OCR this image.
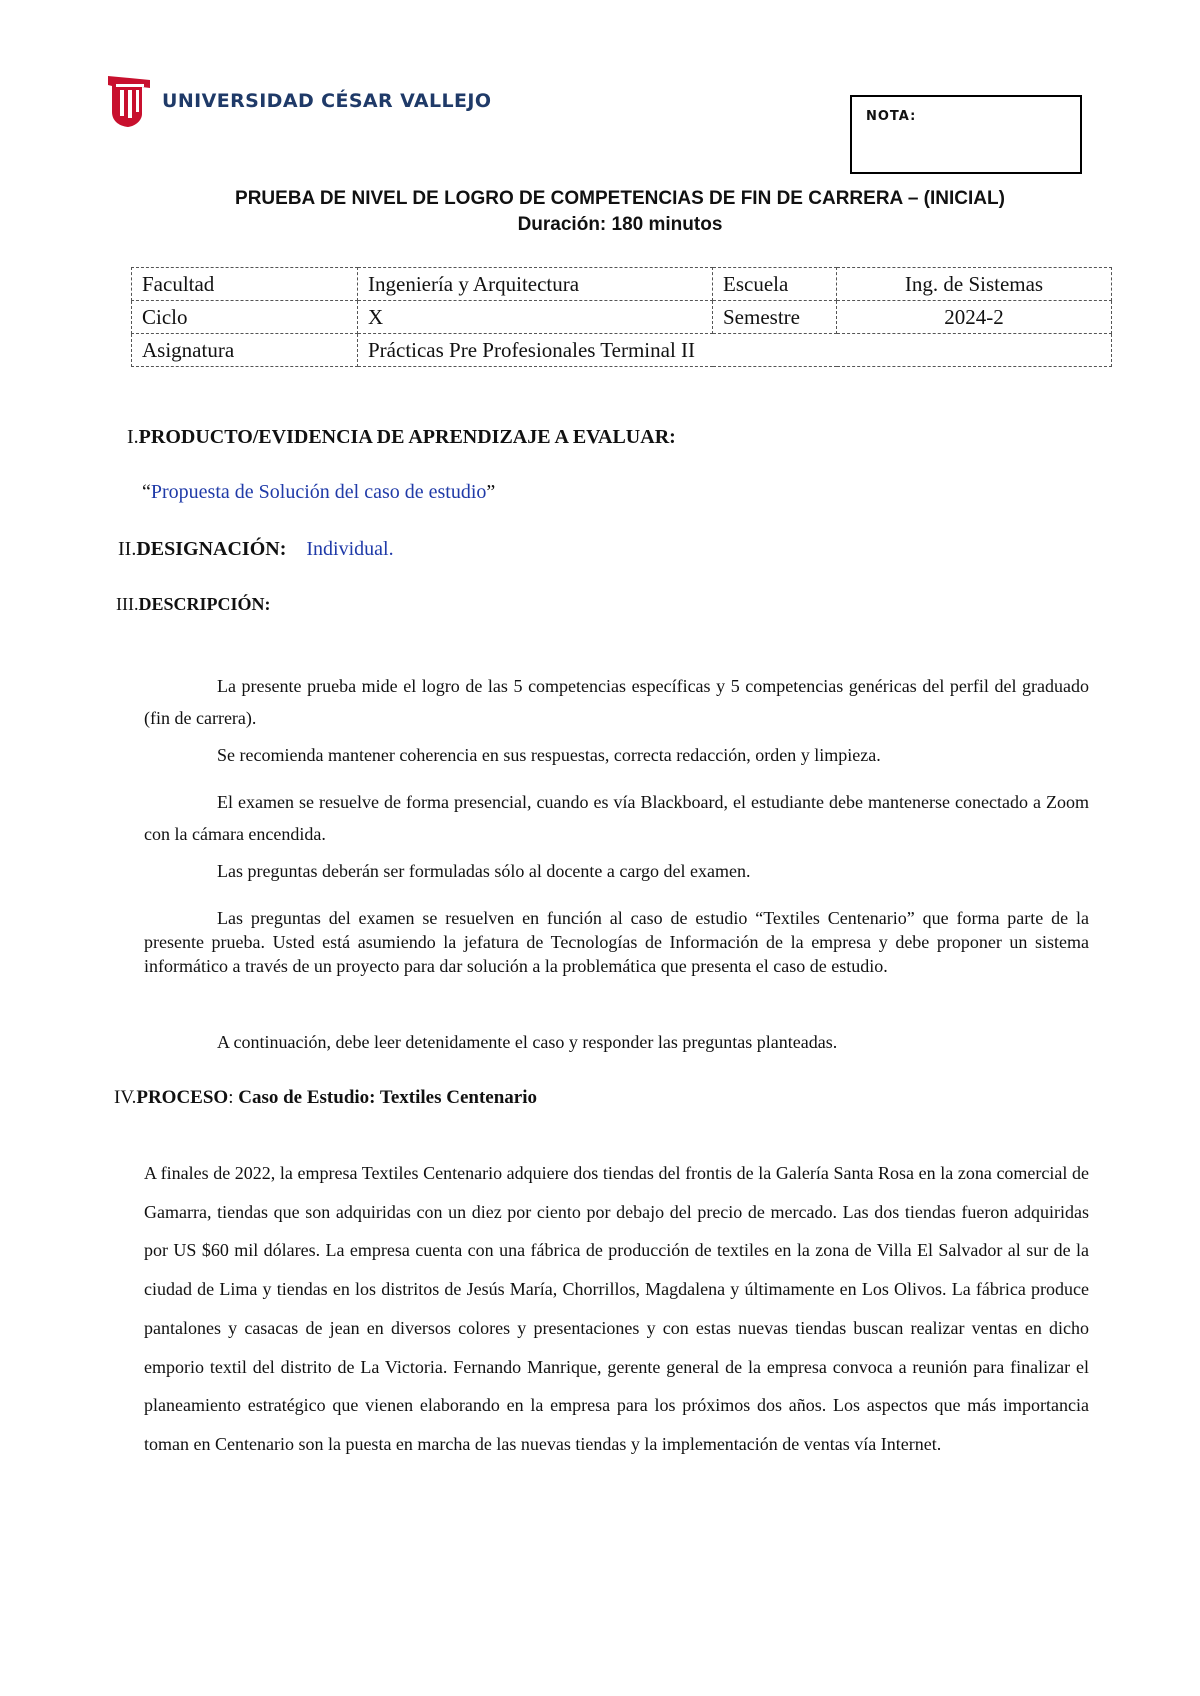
UNIVERSIDAD CÉSAR VALLEJO
NOTA:
PRUEBA DE NIVEL DE LOGRO DE COMPETENCIAS DE FIN DE CARRERA – (INICIAL)
Duración: 180 minutos
Facultad	Ingeniería y Arquitectura	Escuela	Ing. de Sistemas
Ciclo	X	Semestre	2024-2
Asignatura	Prácticas Pre Profesionales Terminal II		
I.PRODUCTO/EVIDENCIA DE APRENDIZAJE A EVALUAR:
“Propuesta de Solución del caso de estudio”
II.DESIGNACIÓN: Individual.
III.DESCRIPCIÓN:
La presente prueba mide el logro de las 5 competencias específicas y 5 competencias genéricas del perfil del graduado (fin de carrera).
Se recomienda mantener coherencia en sus respuestas, correcta redacción, orden y limpieza.
El examen se resuelve de forma presencial, cuando es vía Blackboard, el estudiante debe mantenerse conectado a Zoom con la cámara encendida.
Las preguntas deberán ser formuladas sólo al docente a cargo del examen.
Las preguntas del examen se resuelven en función al caso de estudio “Textiles Centenario” que forma parte de la presente prueba. Usted está asumiendo la jefatura de Tecnologías de Información de la empresa y debe proponer un sistema informático a través de un proyecto para dar solución a la problemática que presenta el caso de estudio.
A continuación, debe leer detenidamente el caso y responder las preguntas planteadas.
IV.PROCESO: Caso de Estudio: Textiles Centenario
A finales de 2022, la empresa Textiles Centenario adquiere dos tiendas del frontis de la Galería Santa Rosa en la zona comercial de Gamarra, tiendas que son adquiridas con un diez por ciento por debajo del precio de mercado. Las dos tiendas fueron adquiridas por US $60 mil dólares. La empresa cuenta con una fábrica de producción de textiles en la zona de Villa El Salvador al sur de la ciudad de Lima y tiendas en los distritos de Jesús María, Chorrillos, Magdalena y últimamente en Los Olivos. La fábrica produce pantalones y casacas de jean en diversos colores y presentaciones y con estas nuevas tiendas buscan realizar ventas en dicho emporio textil del distrito de La Victoria. Fernando Manrique, gerente general de la empresa convoca a reunión para finalizar el planeamiento estratégico que vienen elaborando en la empresa para los próximos dos años. Los aspectos que más importancia toman en Centenario son la puesta en marcha de las nuevas tiendas y la implementación de ventas vía Internet.
